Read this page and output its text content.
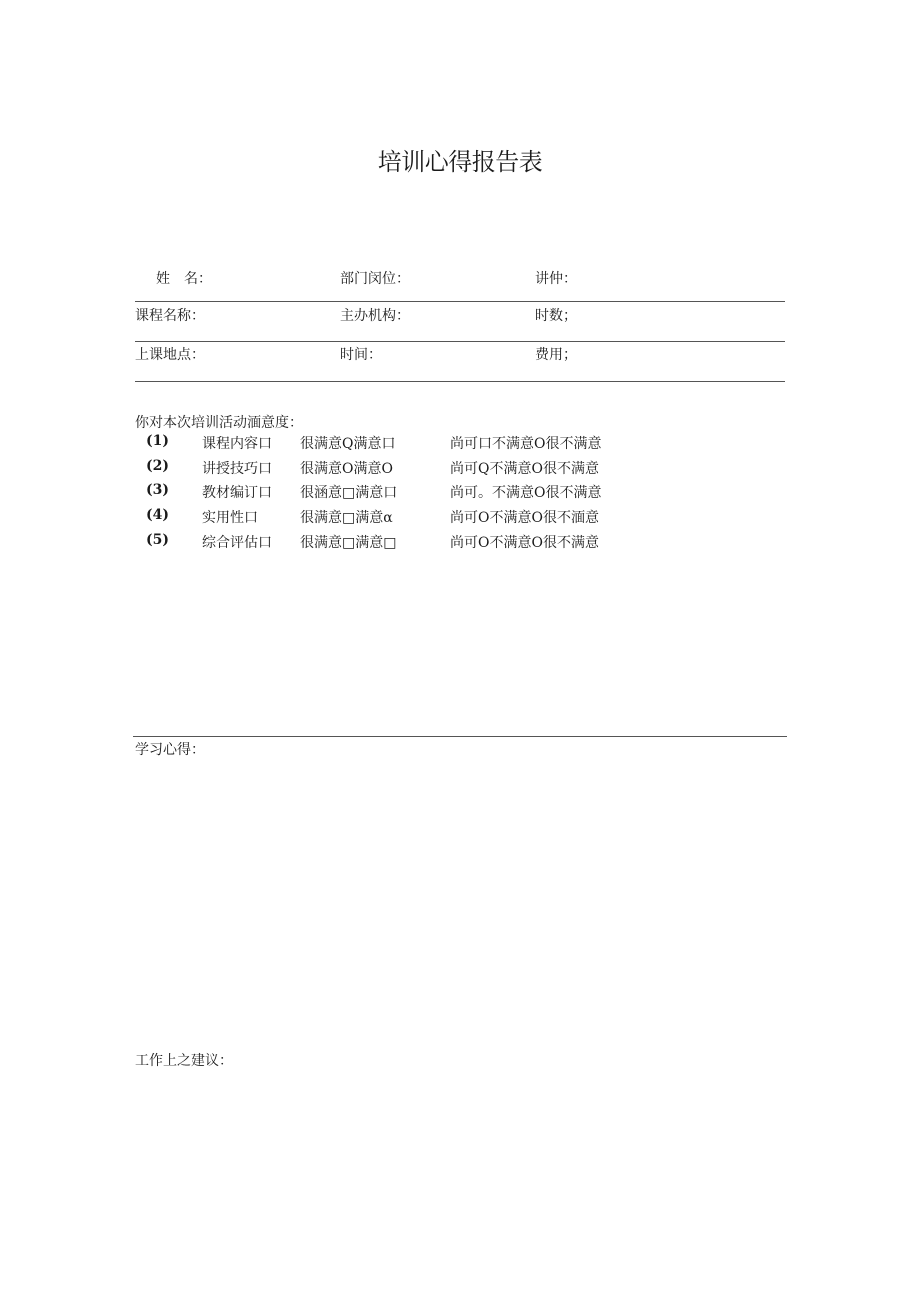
培训心得报告表
姓　名：	部门闵位：	讲仲：
课程名称：	主办机构：	时数；
上课地点：	时间：	费用；
你对本次培训活动湎意度：
(1) 课程内容口 很满意Q满意口	尚可口不满意O很不满意
(2) 讲授技巧口 很满意O满意O	尚可Q不满意O很不满意
(3) 教材编订口 很涵意□满意口	尚可。不满意O很不满意
(4) 实用性口	很满意□满意α	尚可O不满意O很不湎意
(5) 综合评估口 很满意□满意□	尚可O不满意O很不满意
学习心得：
工作上之建议：
